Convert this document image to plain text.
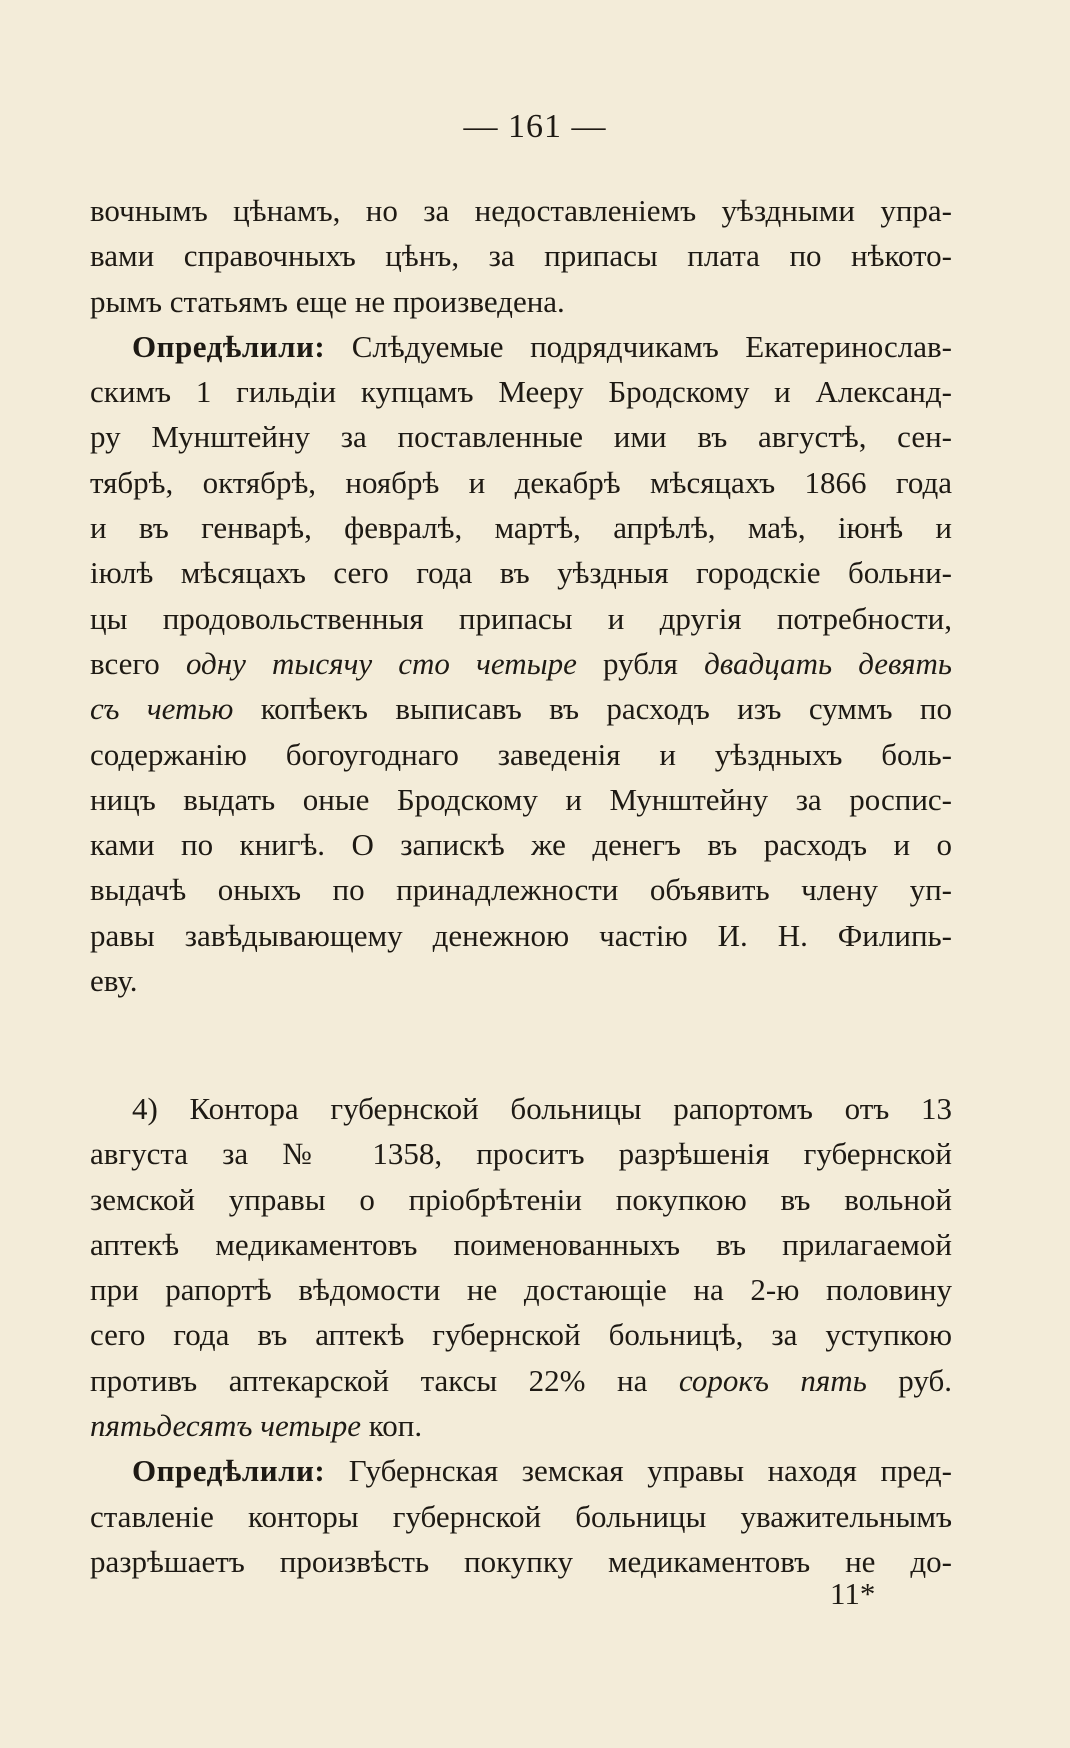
— 161 —
вочнымъ цѣнамъ, но за недоставленіемъ уѣздными упра-
вами справочныхъ цѣнъ, за припасы плата по нѣкото-
рымъ статьямъ еще не произведена.
Опредѣлили: Слѣдуемые подрядчикамъ Екатеринослав-
скимъ 1 гильдіи купцамъ Мееру Бродскому и Александ-
ру Мунштейну за поставленные ими въ августѣ, сен-
тябрѣ, октябрѣ, ноябрѣ и декабрѣ мѣсяцахъ 1866 года
и въ генварѣ, февралѣ, мартѣ, апрѣлѣ, маѣ, іюнѣ и
іюлѣ мѣсяцахъ сего года въ уѣздныя городскіе больни-
цы продовольственныя припасы и другія потребности,
всего одну тысячу сто четыре рубля двадцать девять
съ четью копѣекъ выписавъ въ расходъ изъ суммъ по
содержанію богоугоднаго заведенія и уѣздныхъ боль-
ницъ выдать оные Бродскому и Мунштейну за роспис-
ками по книгѣ. О запискѣ же денегъ въ расходъ и о
выдачѣ оныхъ по принадлежности объявить члену уп-
равы завѣдывающему денежною частію И. Н. Филипь-
еву.
4) Контора губернской больницы рапортомъ отъ 13
августа за № 1358, проситъ разрѣшенія губернской
земской управы о пріобрѣтеніи покупкою въ вольной
аптекѣ медикаментовъ поименованныхъ въ прилагаемой
при рапортѣ вѣдомости не достающіе на 2-ю половину
сего года въ аптекѣ губернской больницѣ, за уступкою
противъ аптекарской таксы 22% на сорокъ пять руб.
пятьдесятъ четыре коп.
Опредѣлили: Губернская земская управы находя пред-
ставленіе конторы губернской больницы уважительнымъ
разрѣшаетъ произвѣсть покупку медикаментовъ не до-
11*
